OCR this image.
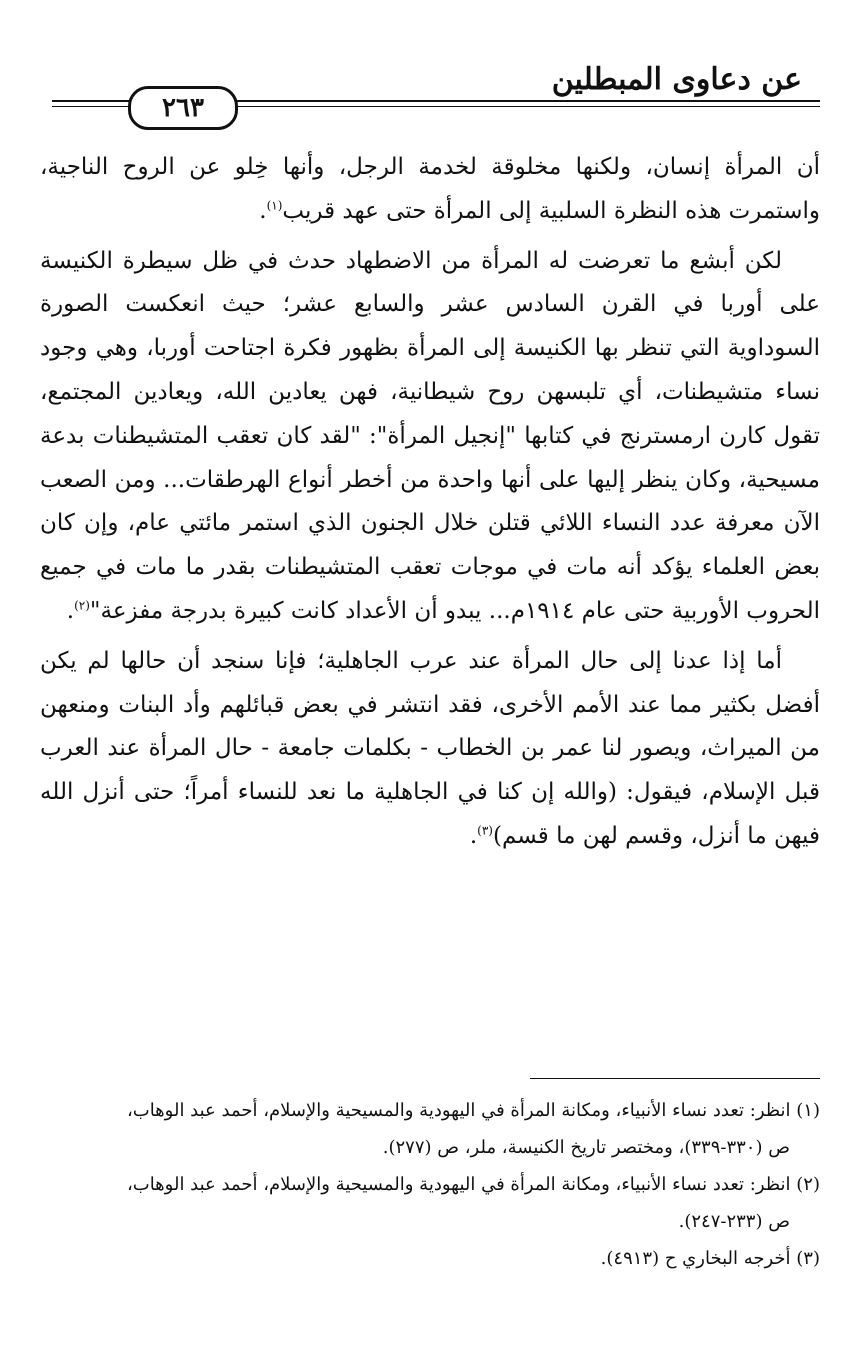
عن دعاوى المبطلين
٢٦٣

أن المرأة إنسان، ولكنها مخلوقة لخدمة الرجل، وأنها خِلو عن الروح الناجية، واستمرت هذه النظرة السلبية إلى المرأة حتى عهد قريب$^{(١)}$.

لكن أبشع ما تعرضت له المرأة من الاضطهاد حدث في ظل سيطرة الكنيسة على أوربا في القرن السادس عشر والسابع عشر؛ حيث انعكست الصورة السوداوية التي تنظر بها الكنيسة إلى المرأة بظهور فكرة اجتاحت أوربا، وهي وجود نساء متشيطنات، أي تلبسهن روح شيطانية، فهن يعادين الله، ويعادين المجتمع، تقول كارن ارمسترنج في كتابها "إنجيل المرأة": "لقد كان تعقب المتشيطنات بدعة مسيحية، وكان ينظر إليها على أنها واحدة من أخطر أنواع الهرطقات... ومن الصعب الآن معرفة عدد النساء اللائي قتلن خلال الجنون الذي استمر مائتي عام، وإن كان بعض العلماء يؤكد أنه مات في موجات تعقب المتشيطنات بقدر ما مات في جميع الحروب الأوربية حتى عام ١٩١٤م... يبدو أن الأعداد كانت كبيرة بدرجة مفزعة"$^{(٢)}$.

أما إذا عدنا إلى حال المرأة عند عرب الجاهلية؛ فإنا سنجد أن حالها لم يكن أفضل بكثير مما عند الأمم الأخرى، فقد انتشر في بعض قبائلهم وأد البنات ومنعهن من الميراث، ويصور لنا عمر بن الخطاب - بكلمات جامعة - حال المرأة عند العرب قبل الإسلام، فيقول: (والله إن كنا في الجاهلية ما نعد للنساء أمراً؛ حتى أنزل الله فيهن ما أنزل، وقسم لهن ما قسم)$^{(٣)}$.

(١) انظر: تعدد نساء الأنبياء، ومكانة المرأة في اليهودية والمسيحية والإسلام، أحمد عبد الوهاب،

ص (٣٣٠-٣٣٩)، ومختصر تاريخ الكنيسة، ملر، ص (٢٧٧).

(٢) انظر: تعدد نساء الأنبياء، ومكانة المرأة في اليهودية والمسيحية والإسلام، أحمد عبد الوهاب،

ص (٢٣٣-٢٤٧).

(٣) أخرجه البخاري ح (٤٩١٣).
